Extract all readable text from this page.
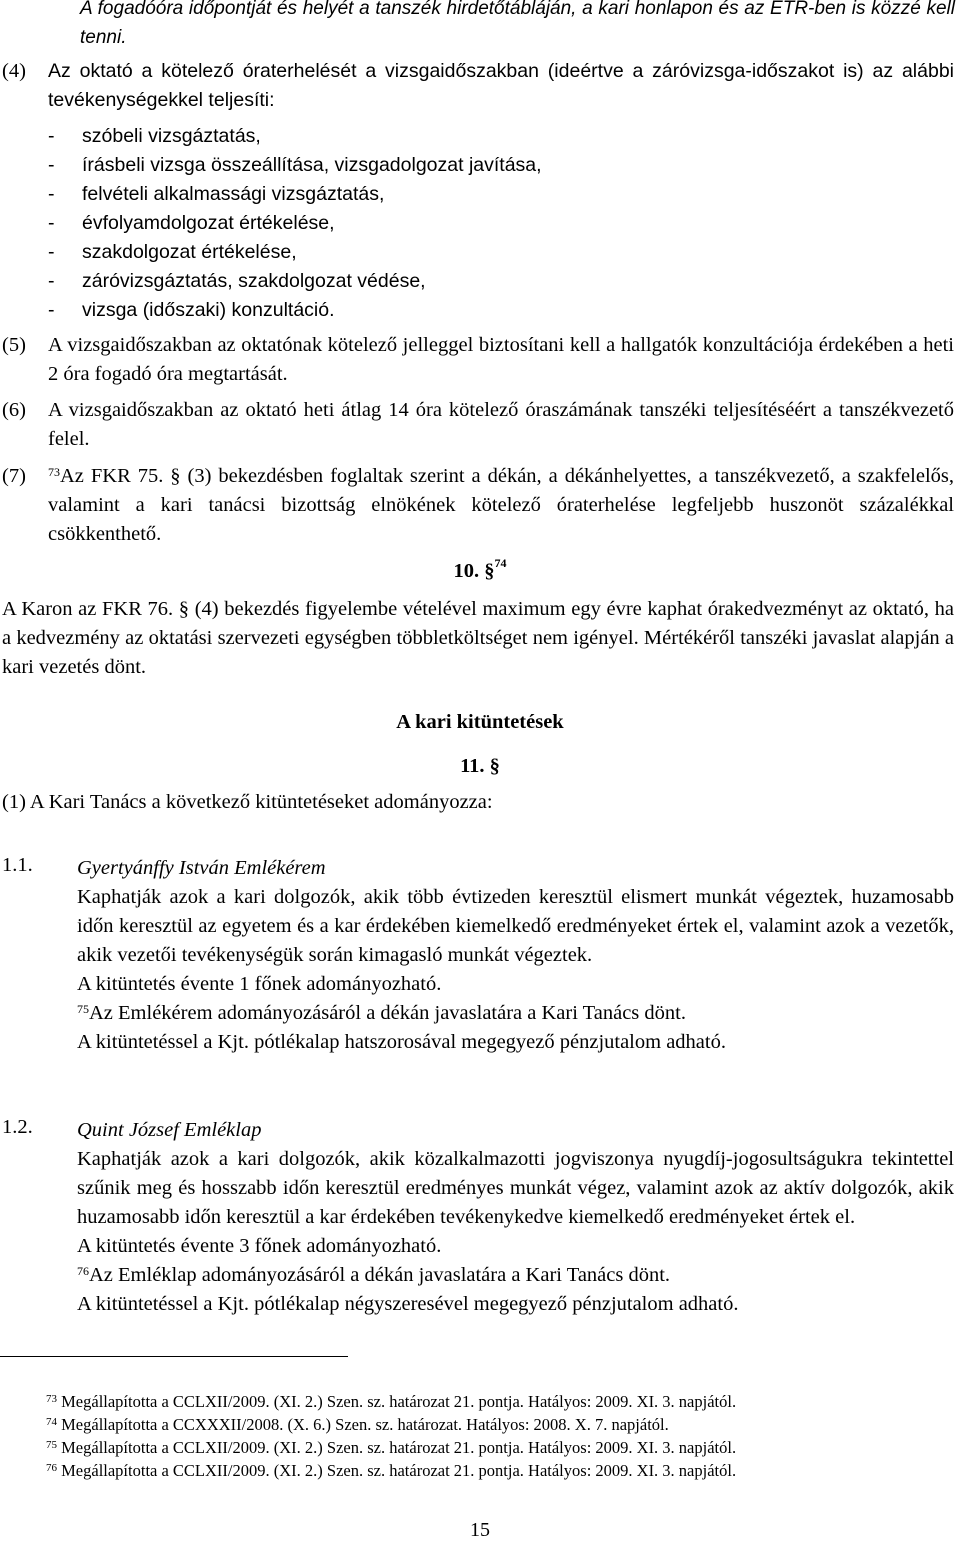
A fogadóóra időpontját és helyét a tanszék hirdetőtábláján, a kari honlapon és az ETR-ben is közzé kell tenni.

(4) Az oktató a kötelező óraterhelését a vizsgaidőszakban (ideértve a záróvizsga-időszakot is) az alábbi tevékenységekkel teljesíti:

- szóbeli vizsgáztatás,
- írásbeli vizsga összeállítása, vizsgadolgozat javítása,
- felvételi alkalmassági vizsgáztatás,
- évfolyamdolgozat értékelése,
- szakdolgozat értékelése,
- záróvizsgáztatás, szakdolgozat védése,
- vizsga (időszaki) konzultáció.
(5) A vizsgaidőszakban az oktatónak kötelező jelleggel biztosítani kell a hallgatók konzultációja érdekében a heti 2 óra fogadó óra megtartását.

(6) A vizsgaidőszakban az oktató heti átlag 14 óra kötelező óraszámának tanszéki teljesítéséért a tanszékvezető felel.

(7) $^{73}$Az FKR 75. § (3) bekezdésben foglaltak szerint a dékán, a dékánhelyettes, a tanszékvezető, a szakfelelős, valamint a kari tanácsi bizottság elnökének kötelező óraterhelése legfeljebb huszonöt százalékkal csökkenthető.

10. §$^{74}$

A Karon az FKR 76. § (4) bekezdés figyelembe vételével maximum egy évre kaphat órakedvezményt az oktató, ha a kedvezmény az oktatási szervezeti egységben többletköltséget nem igényel. Mértékéről tanszéki javaslat alapján a kari vezetés dönt.

A kari kitüntetések
11. §

(1) A Kari Tanács a következő kitüntetéseket adományozza:

1.1. Gyertyánffy István Emlékérem
Kaphatják azok a kari dolgozók, akik több évtizeden keresztül elismert munkát végeztek, huzamosabb időn keresztül az egyetem és a kar érdekében kiemelkedő eredményeket értek el, valamint azok a vezetők, akik vezetői tevékenységük során kimagasló munkát végeztek.
A kitüntetés évente 1 főnek adományozható.
$^{75}$Az Emlékérem adományozásáról a dékán javaslatára a Kari Tanács dönt.
A kitüntetéssel a Kjt. pótlékalap hatszorosával megegyező pénzjutalom adható.
1.2. Quint József Emléklap
Kaphatják azok a kari dolgozók, akik közalkalmazotti jogviszonya nyugdíj-jogosultságukra tekintettel szűnik meg és hosszabb időn keresztül eredményes munkát végez, valamint azok az aktív dolgozók, akik huzamosabb időn keresztül a kar érdekében tevékenykedve kiemelkedő eredményeket értek el.
A kitüntetés évente 3 főnek adományozható.
$^{76}$Az Emléklap adományozásáról a dékán javaslatára a Kari Tanács dönt.
A kitüntetéssel a Kjt. pótlékalap négyszeresével megegyező pénzjutalom adható.
$^{73}$ Megállapította a CCLXII/2009. (XI. 2.) Szen. sz. határozat 21. pontja. Hatályos: 2009. XI. 3. napjától.
$^{74}$ Megállapította a CCXXXII/2008. (X. 6.) Szen. sz. határozat. Hatályos: 2008. X. 7. napjától.
$^{75}$ Megállapította a CCLXII/2009. (XI. 2.) Szen. sz. határozat 21. pontja. Hatályos: 2009. XI. 3. napjától.
$^{76}$ Megállapította a CCLXII/2009. (XI. 2.) Szen. sz. határozat 21. pontja. Hatályos: 2009. XI. 3. napjától.
15
